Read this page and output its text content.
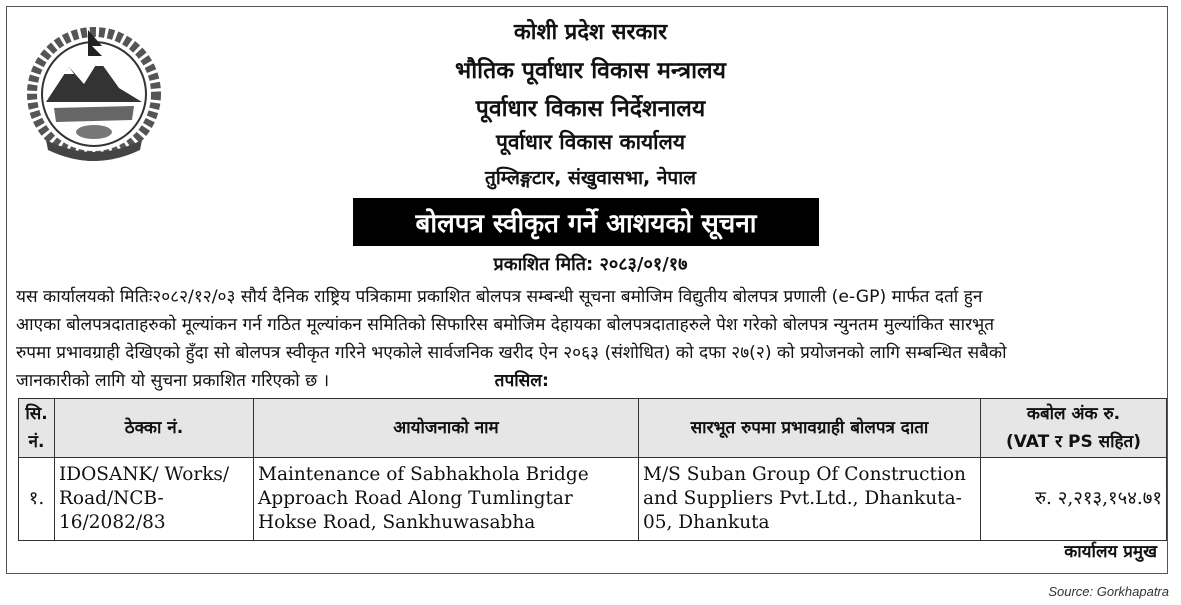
कोशी प्रदेश सरकार
भौतिक पूर्वाधार विकास मन्त्रालय
पूर्वाधार विकास निर्देशनालय
पूर्वाधार विकास कार्यालय
तुम्लिङ्गटार, संखुवासभा, नेपाल
बोलपत्र स्वीकृत गर्ने आशयको सूचना
प्रकाशित मिति: २०८३/०१/१७
यस कार्यालयको मितिः२०८२/१२/०३ सौर्य दैनिक राष्ट्रिय पत्रिकामा प्रकाशित बोलपत्र सम्बन्धी सूचना बमोजिम विद्युतीय बोलपत्र प्रणाली (e-GP) मार्फत दर्ता हुन
आएका बोलपत्रदाताहरुको मूल्यांकन गर्न गठित मूल्यांकन समितिको सिफारिस बमोजिम देहायका बोलपत्रदाताहरुले पेश गरेको बोलपत्र न्युनतम मुल्यांकित सारभूत
रुपमा प्रभावग्राही देखिएको हुँदा सो बोलपत्र स्वीकृत गरिने भएकोले सार्वजनिक खरीद ऐन २०६३ (संशोधित) को दफा २७(२) को प्रयोजनको लागि सम्बन्धित सबैको
जानकारीको लागि यो सुचना प्रकाशित गरिएको छ ।	तपसिल:
सि.
नं.	ठेक्का नं.	आयोजनाको नाम	सारभूत रुपमा प्रभावग्राही बोलपत्र दाता	कबोल अंक रु.
(VAT र PS सहित)
१.	IDOSANK/ Works/ Road/NCB-16/2082/83	Maintenance of Sabhakhola Bridge Approach Road Along Tumlingtar Hokse Road, Sankhuwasabha	M/S Suban Group Of Construction and Suppliers Pvt.Ltd., Dhankuta-05, Dhankuta	रु. २,२१३,१५४.७१
कार्यालय प्रमुख
Source: Gorkhapatra
